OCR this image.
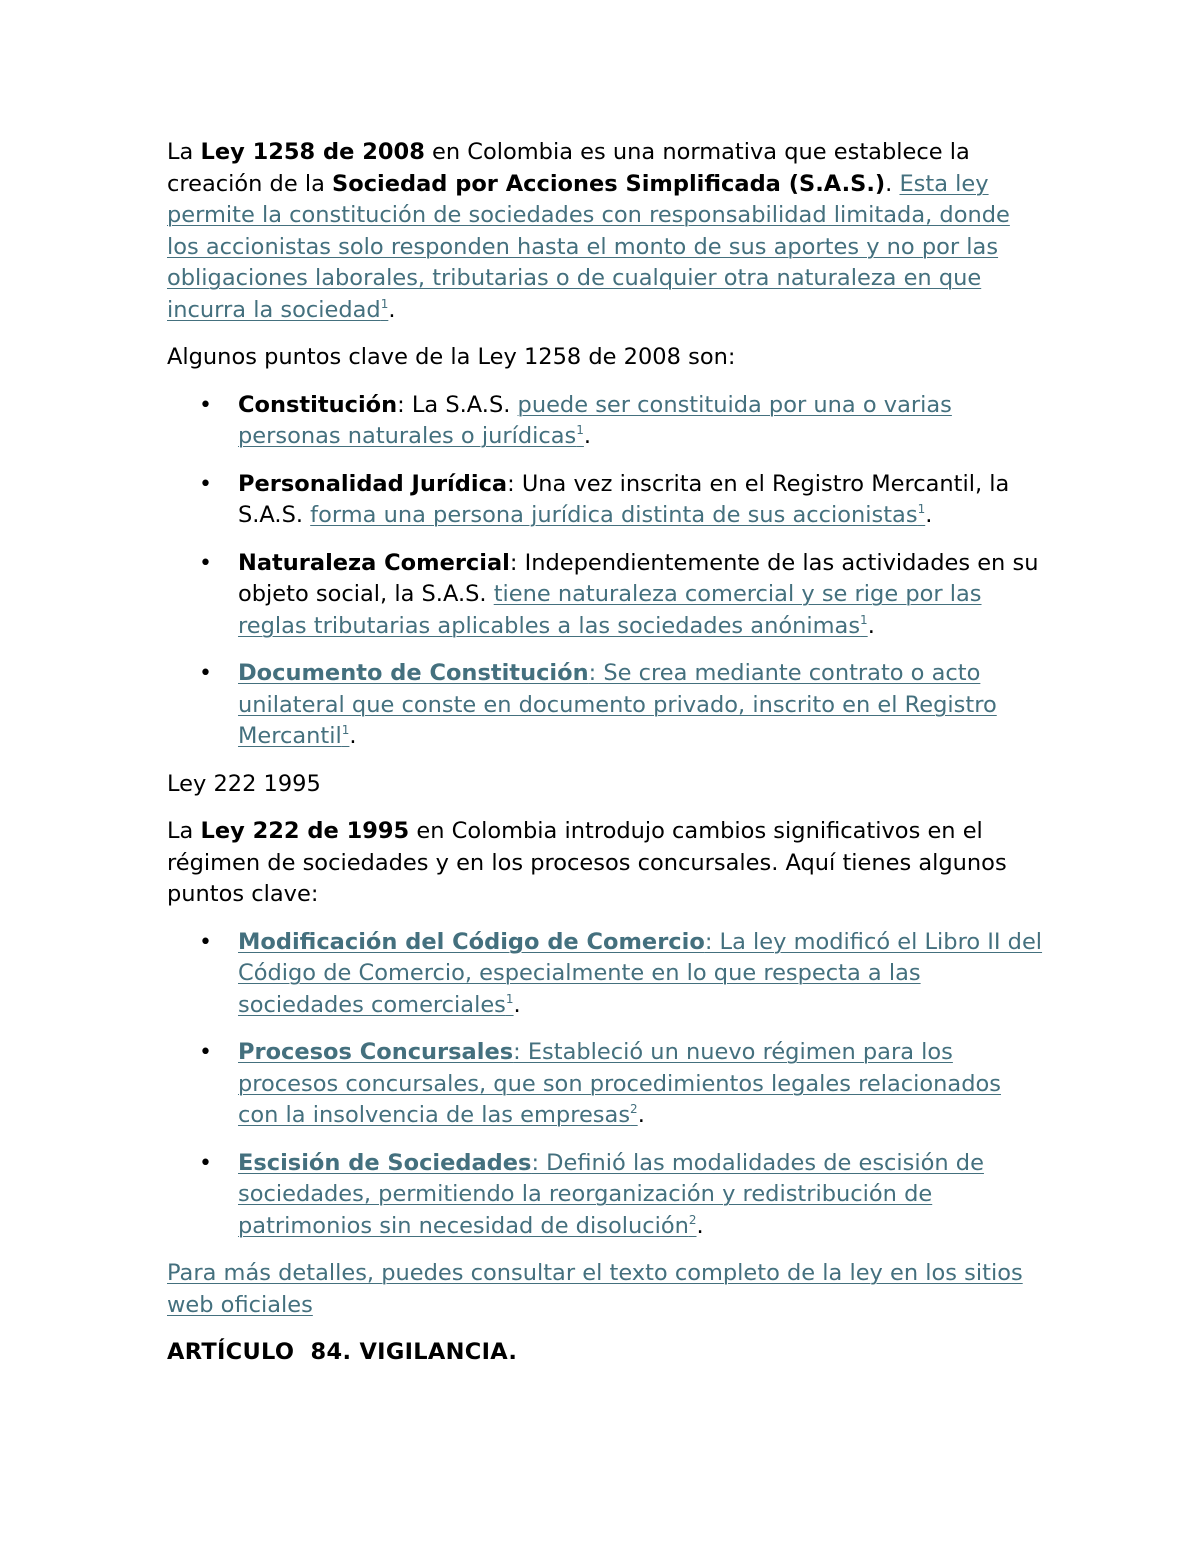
La Ley 1258 de 2008 en Colombia es una normativa que establece la creación de la Sociedad por Acciones Simplificada (S.A.S.). Esta ley permite la constitución de sociedades con responsabilidad limitada, donde los accionistas solo responden hasta el monto de sus aportes y no por las obligaciones laborales, tributarias o de cualquier otra naturaleza en que incurra la sociedad$^1$.

Algunos puntos clave de la Ley 1258 de 2008 son:

• Constitución: La S.A.S. puede ser constituida por una o varias personas naturales o jurídicas$^1$.
• Personalidad Jurídica: Una vez inscrita en el Registro Mercantil, la S.A.S. forma una persona jurídica distinta de sus accionistas$^1$.
• Naturaleza Comercial: Independientemente de las actividades en su objeto social, la S.A.S. tiene naturaleza comercial y se rige por las reglas tributarias aplicables a las sociedades anónimas$^1$.
• Documento de Constitución: Se crea mediante contrato o acto unilateral que conste en documento privado, inscrito en el Registro Mercantil$^1$.

Ley 222 1995

La Ley 222 de 1995 en Colombia introdujo cambios significativos en el régimen de sociedades y en los procesos concursales. Aquí tienes algunos puntos clave:

• Modificación del Código de Comercio: La ley modificó el Libro II del Código de Comercio, especialmente en lo que respecta a las sociedades comerciales$^1$.
• Procesos Concursales: Estableció un nuevo régimen para los procesos concursales, que son procedimientos legales relacionados con la insolvencia de las empresas$^2$.
• Escisión de Sociedades: Definió las modalidades de escisión de sociedades, permitiendo la reorganización y redistribución de patrimonios sin necesidad de disolución$^2$.

Para más detalles, puedes consultar el texto completo de la ley en los sitios web oficiales

ARTÍCULO  84. VIGILANCIA.
